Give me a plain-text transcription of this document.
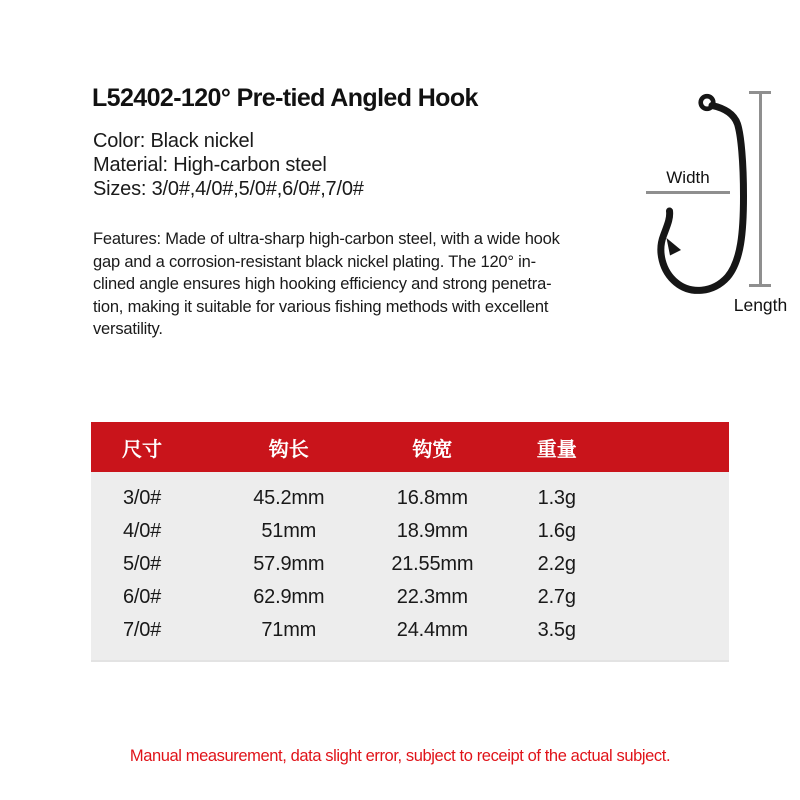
L52402-120° Pre-tied Angled Hook
Color: Black nickel
Material: High-carbon steel
Sizes: 3/0#,4/0#,5/0#,6/0#,7/0#
Features: Made of ultra-sharp high-carbon steel, with a wide hook
gap and a corrosion-resistant black nickel plating. The 120° in-
clined angle ensures high hooking efficiency and strong penetra-
tion, making it suitable for various fishing methods with excellent
versatility.
Width
Length
尺寸	钩长	钩宽	重量
3/0#	45.2mm	16.8mm	1.3g
4/0#	51mm	18.9mm	1.6g
5/0#	57.9mm	21.55mm	2.2g
6/0#	62.9mm	22.3mm	2.7g
7/0#	71mm	24.4mm	3.5g
Manual measurement, data slight error, subject to receipt of the actual subject.
